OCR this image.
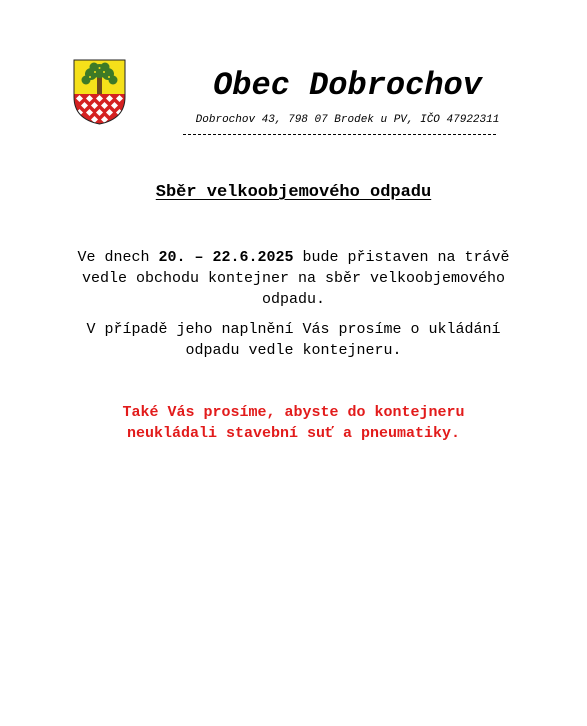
Obec Dobrochov
Dobrochov 43, 798 07 Brodek u PV, IČO 47922311
Sběr velkoobjemového odpadu

Ve dnech 20. – 22.6.2025 bude přistaven na trávě vedle obchodu kontejner na sběr velkoobjemového odpadu.

V případě jeho naplnění Vás prosíme o ukládání odpadu vedle kontejneru.

Také Vás prosíme, abyste do kontejneru
neukládali stavební suť a pneumatiky.
